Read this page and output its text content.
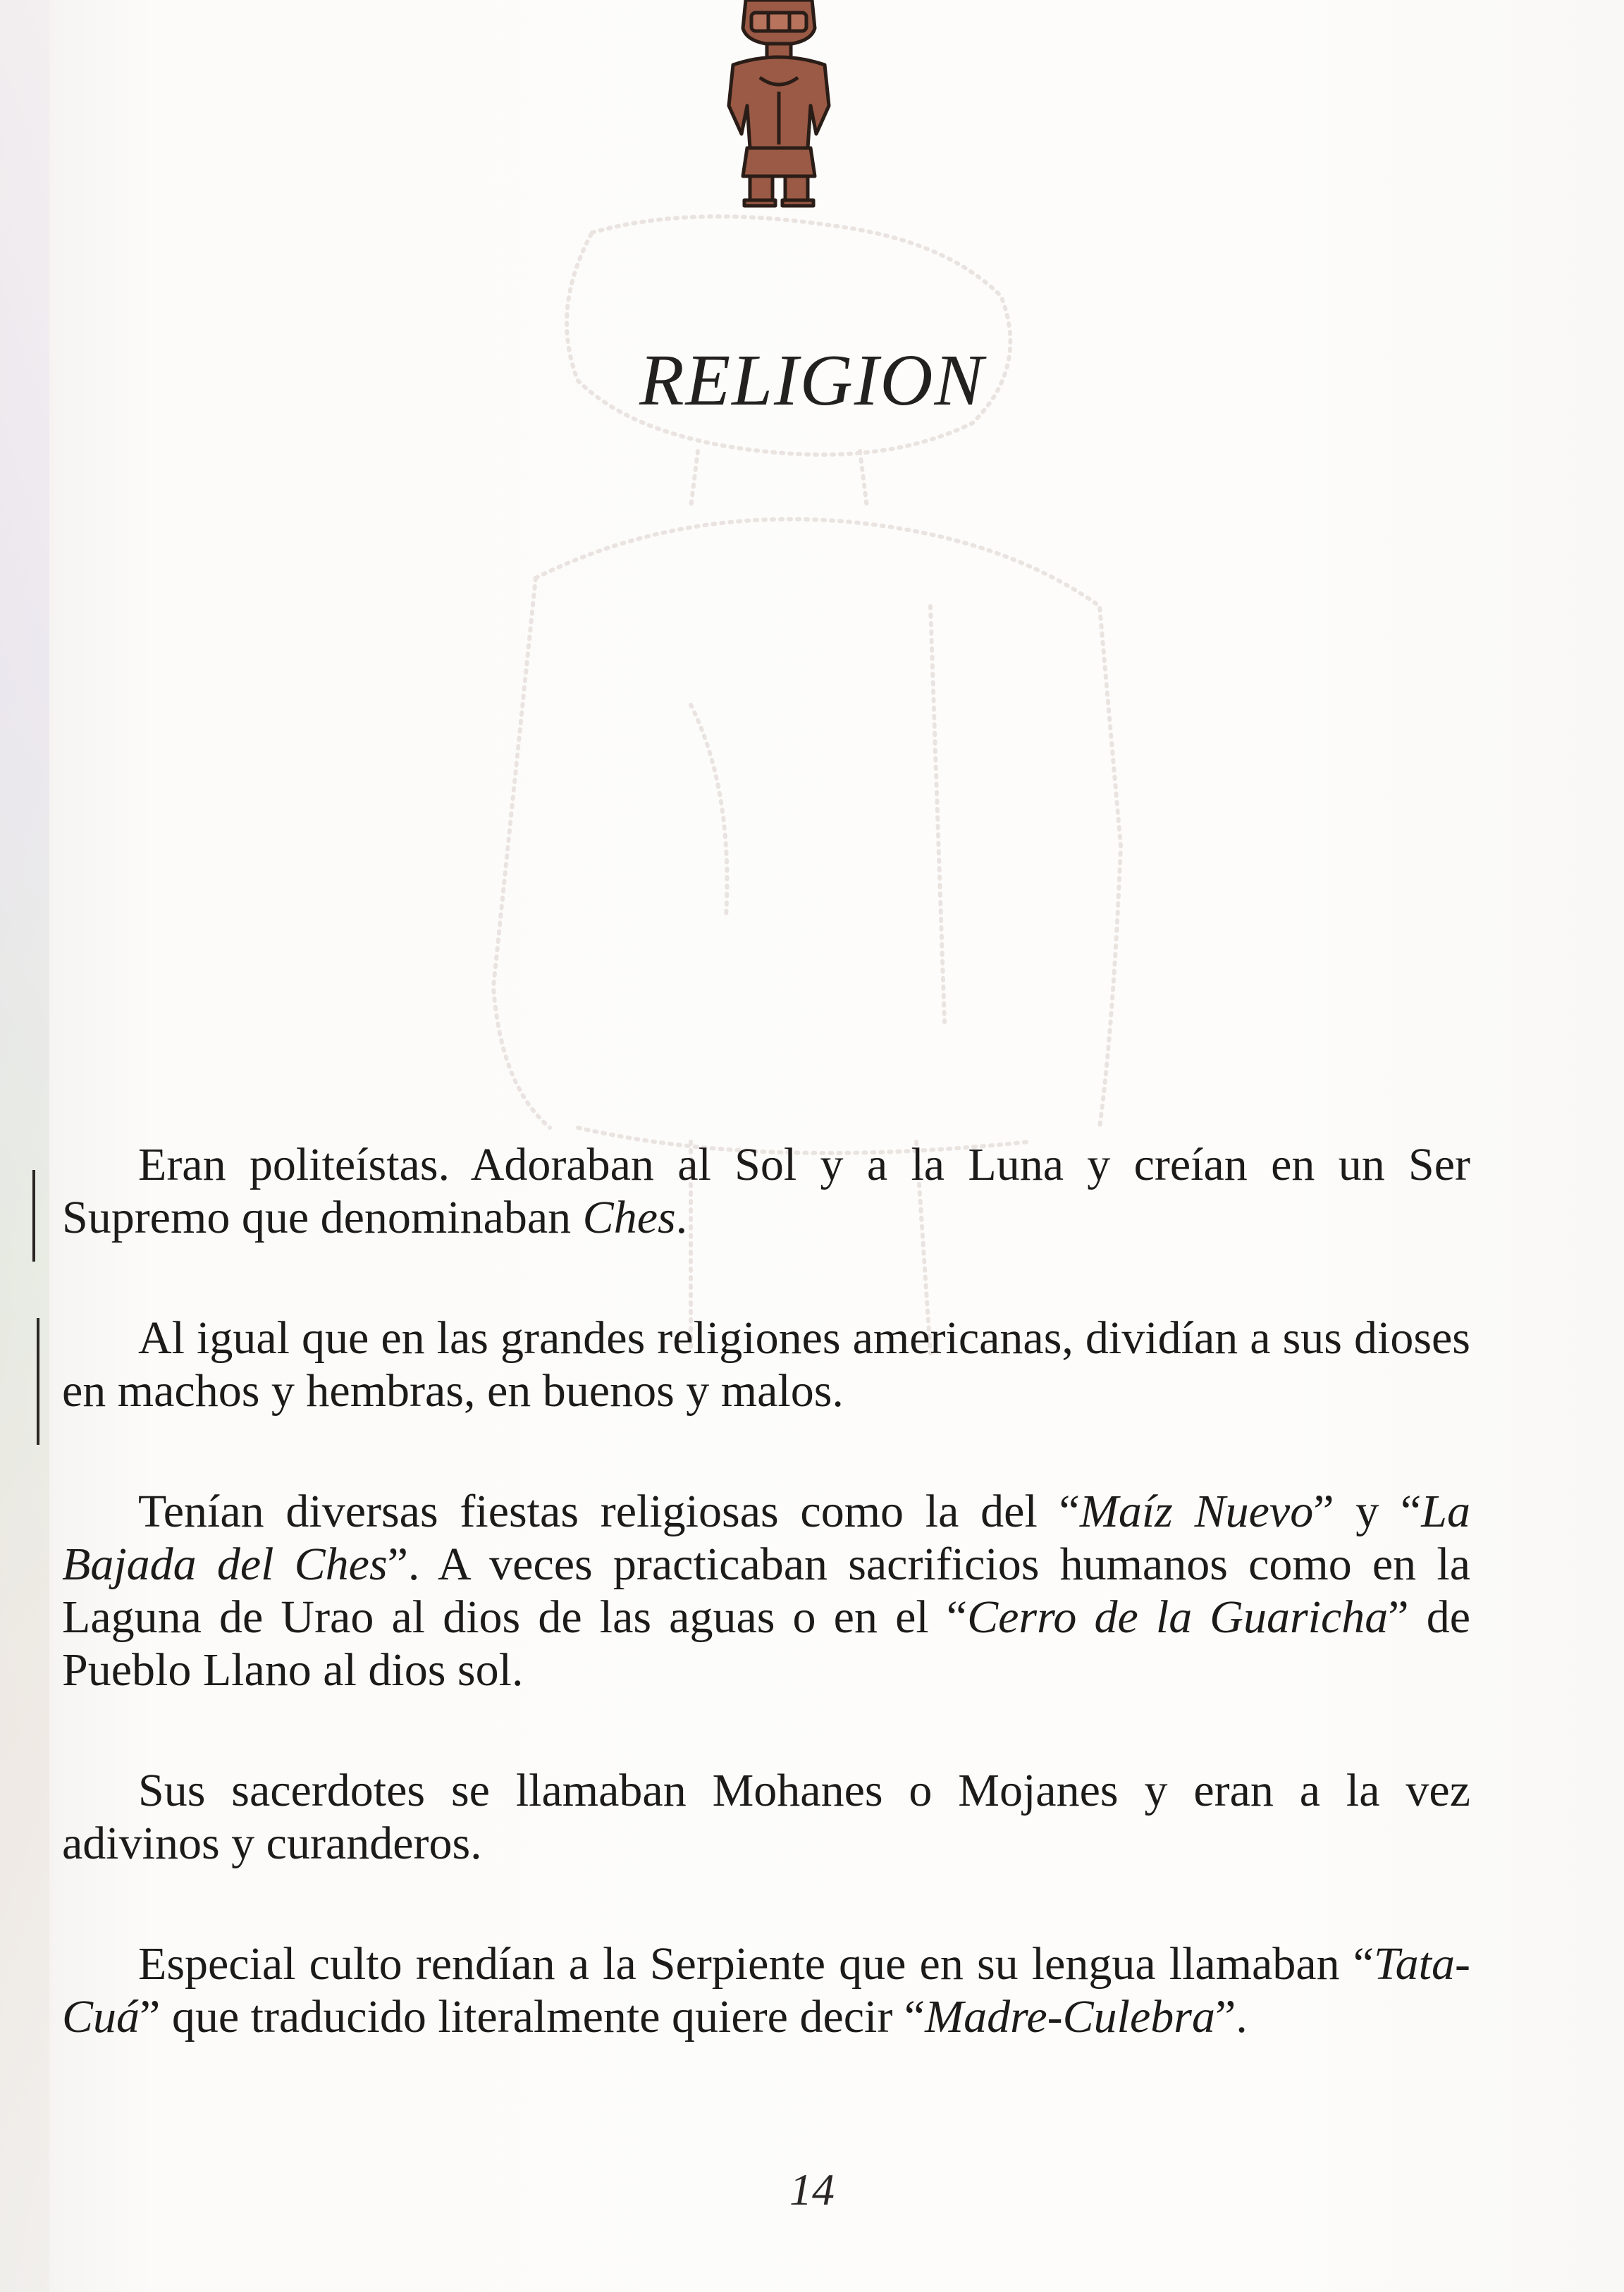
RELIGION

Eran politeístas. Adoraban al Sol y a la Luna y creían en un Ser Supremo que denominaban Ches.

Al igual que en las grandes religiones americanas, dividían a sus dioses en machos y hembras, en buenos y malos.

Tenían diversas fiestas religiosas como la del “Maíz Nuevo” y “La Bajada del Ches”. A veces practicaban sacrificios humanos como en la Laguna de Urao al dios de las aguas o en el “Cerro de la Guaricha” de Pueblo Llano al dios sol.

Sus sacerdotes se llamaban Mohanes o Mojanes y eran a la vez adivinos y curanderos.

Especial culto rendían a la Serpiente que en su lengua llamaban “Tata-Cuá” que traducido literalmente quiere decir “Madre-Culebra”.

14
